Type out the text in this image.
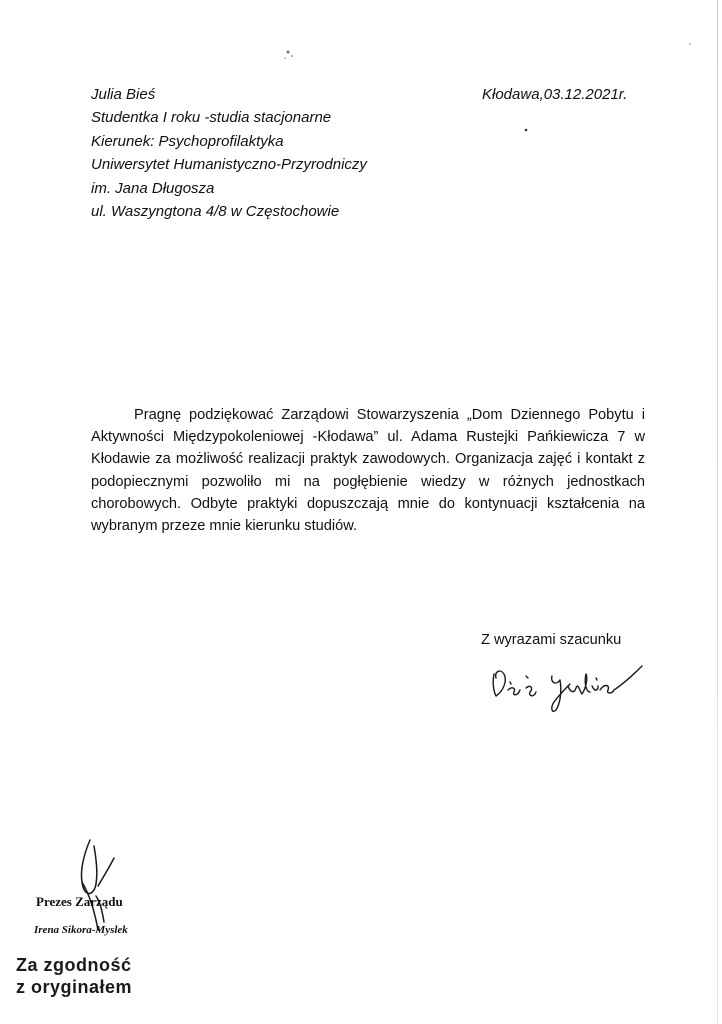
Julia Bieś
Studentka I roku -studia stacjonarne
Kierunek: Psychoprofilaktyka
Uniwersytet Humanistyczno-Przyrodniczy
im. Jana Długosza
ul. Waszyngtona 4/8 w Częstochowie
Kłodawa,03.12.2021r.
Pragnę podziękować Zarządowi Stowarzyszenia „Dom Dziennego Pobytu i Aktywności Międzypokoleniowej -Kłodawa” ul. Adama Rustejki Pańkiewicza 7 w Kłodawie za możliwość realizacji praktyk zawodowych. Organizacja zajęć i kontakt z podopiecznymi pozwoliło mi na pogłębienie wiedzy w różnych jednostkach chorobowych. Odbyte praktyki dopuszczają mnie do kontynuacji kształcenia na wybranym przeze mnie kierunku studiów.
Z wyrazami szacunku
Prezes Zarządu
Irena Sikora-Myslek
Za zgodność
z oryginałem
